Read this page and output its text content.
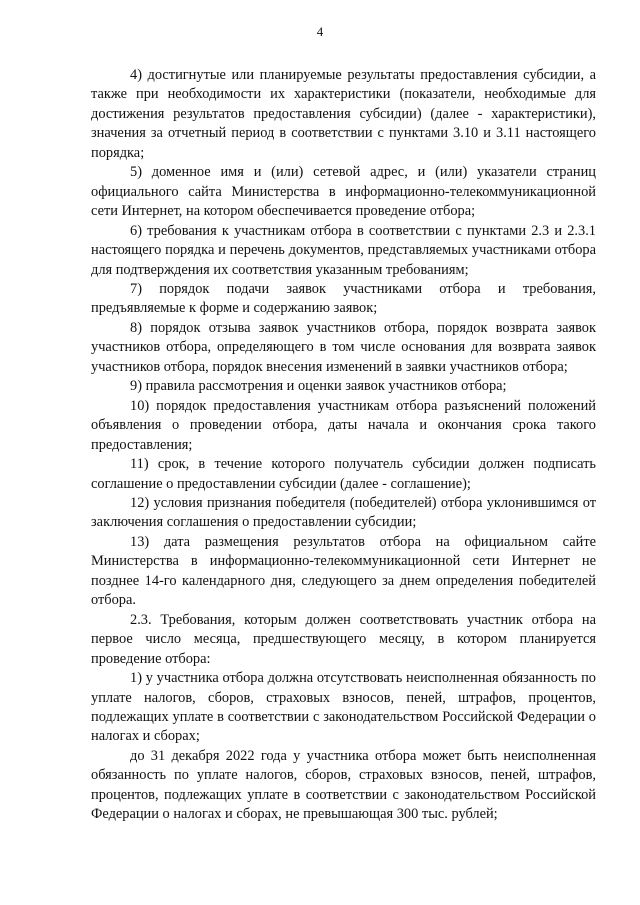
4

4) достигнутые или планируемые результаты предоставления субсидии, а также при необходимости их характеристики (показатели, необходимые для достижения результатов предоставления субсидии) (далее - характеристики), значения за отчетный период в соответствии с пунктами 3.10 и 3.11 настоящего порядка;

5) доменное имя и (или) сетевой адрес, и (или) указатели страниц официального сайта Министерства в информационно-телекоммуникационной сети Интернет, на котором обеспечивается проведение отбора;

6) требования к участникам отбора в соответствии с пунктами 2.3 и 2.3.1 настоящего порядка и перечень документов, представляемых участниками отбора для подтверждения их соответствия указанным требованиям;

7) порядок подачи заявок участниками отбора и требования, предъявляемые к форме и содержанию заявок;

8) порядок отзыва заявок участников отбора, порядок возврата заявок участников отбора, определяющего в том числе основания для возврата заявок участников отбора, порядок внесения изменений в заявки участников отбора;

9) правила рассмотрения и оценки заявок участников отбора;

10) порядок предоставления участникам отбора разъяснений положений объявления о проведении отбора, даты начала и окончания срока такого предоставления;

11) срок, в течение которого получатель субсидии должен подписать соглашение о предоставлении субсидии (далее - соглашение);

12) условия признания победителя (победителей) отбора уклонившимся от заключения соглашения о предоставлении субсидии;

13) дата размещения результатов отбора на официальном сайте Министерства в информационно-телекоммуникационной сети Интернет не позднее 14-го календарного дня, следующего за днем определения победителей отбора.

2.3. Требования, которым должен соответствовать участник отбора на первое число месяца, предшествующего месяцу, в котором планируется проведение отбора:

1) у участника отбора должна отсутствовать неисполненная обязанность по уплате налогов, сборов, страховых взносов, пеней, штрафов, процентов, подлежащих уплате в соответствии с законодательством Российской Федерации о налогах и сборах;

до 31 декабря 2022 года у участника отбора может быть неисполненная обязанность по уплате налогов, сборов, страховых взносов, пеней, штрафов, процентов, подлежащих уплате в соответствии с законодательством Российской Федерации о налогах и сборах, не превышающая 300 тыс. рублей;
